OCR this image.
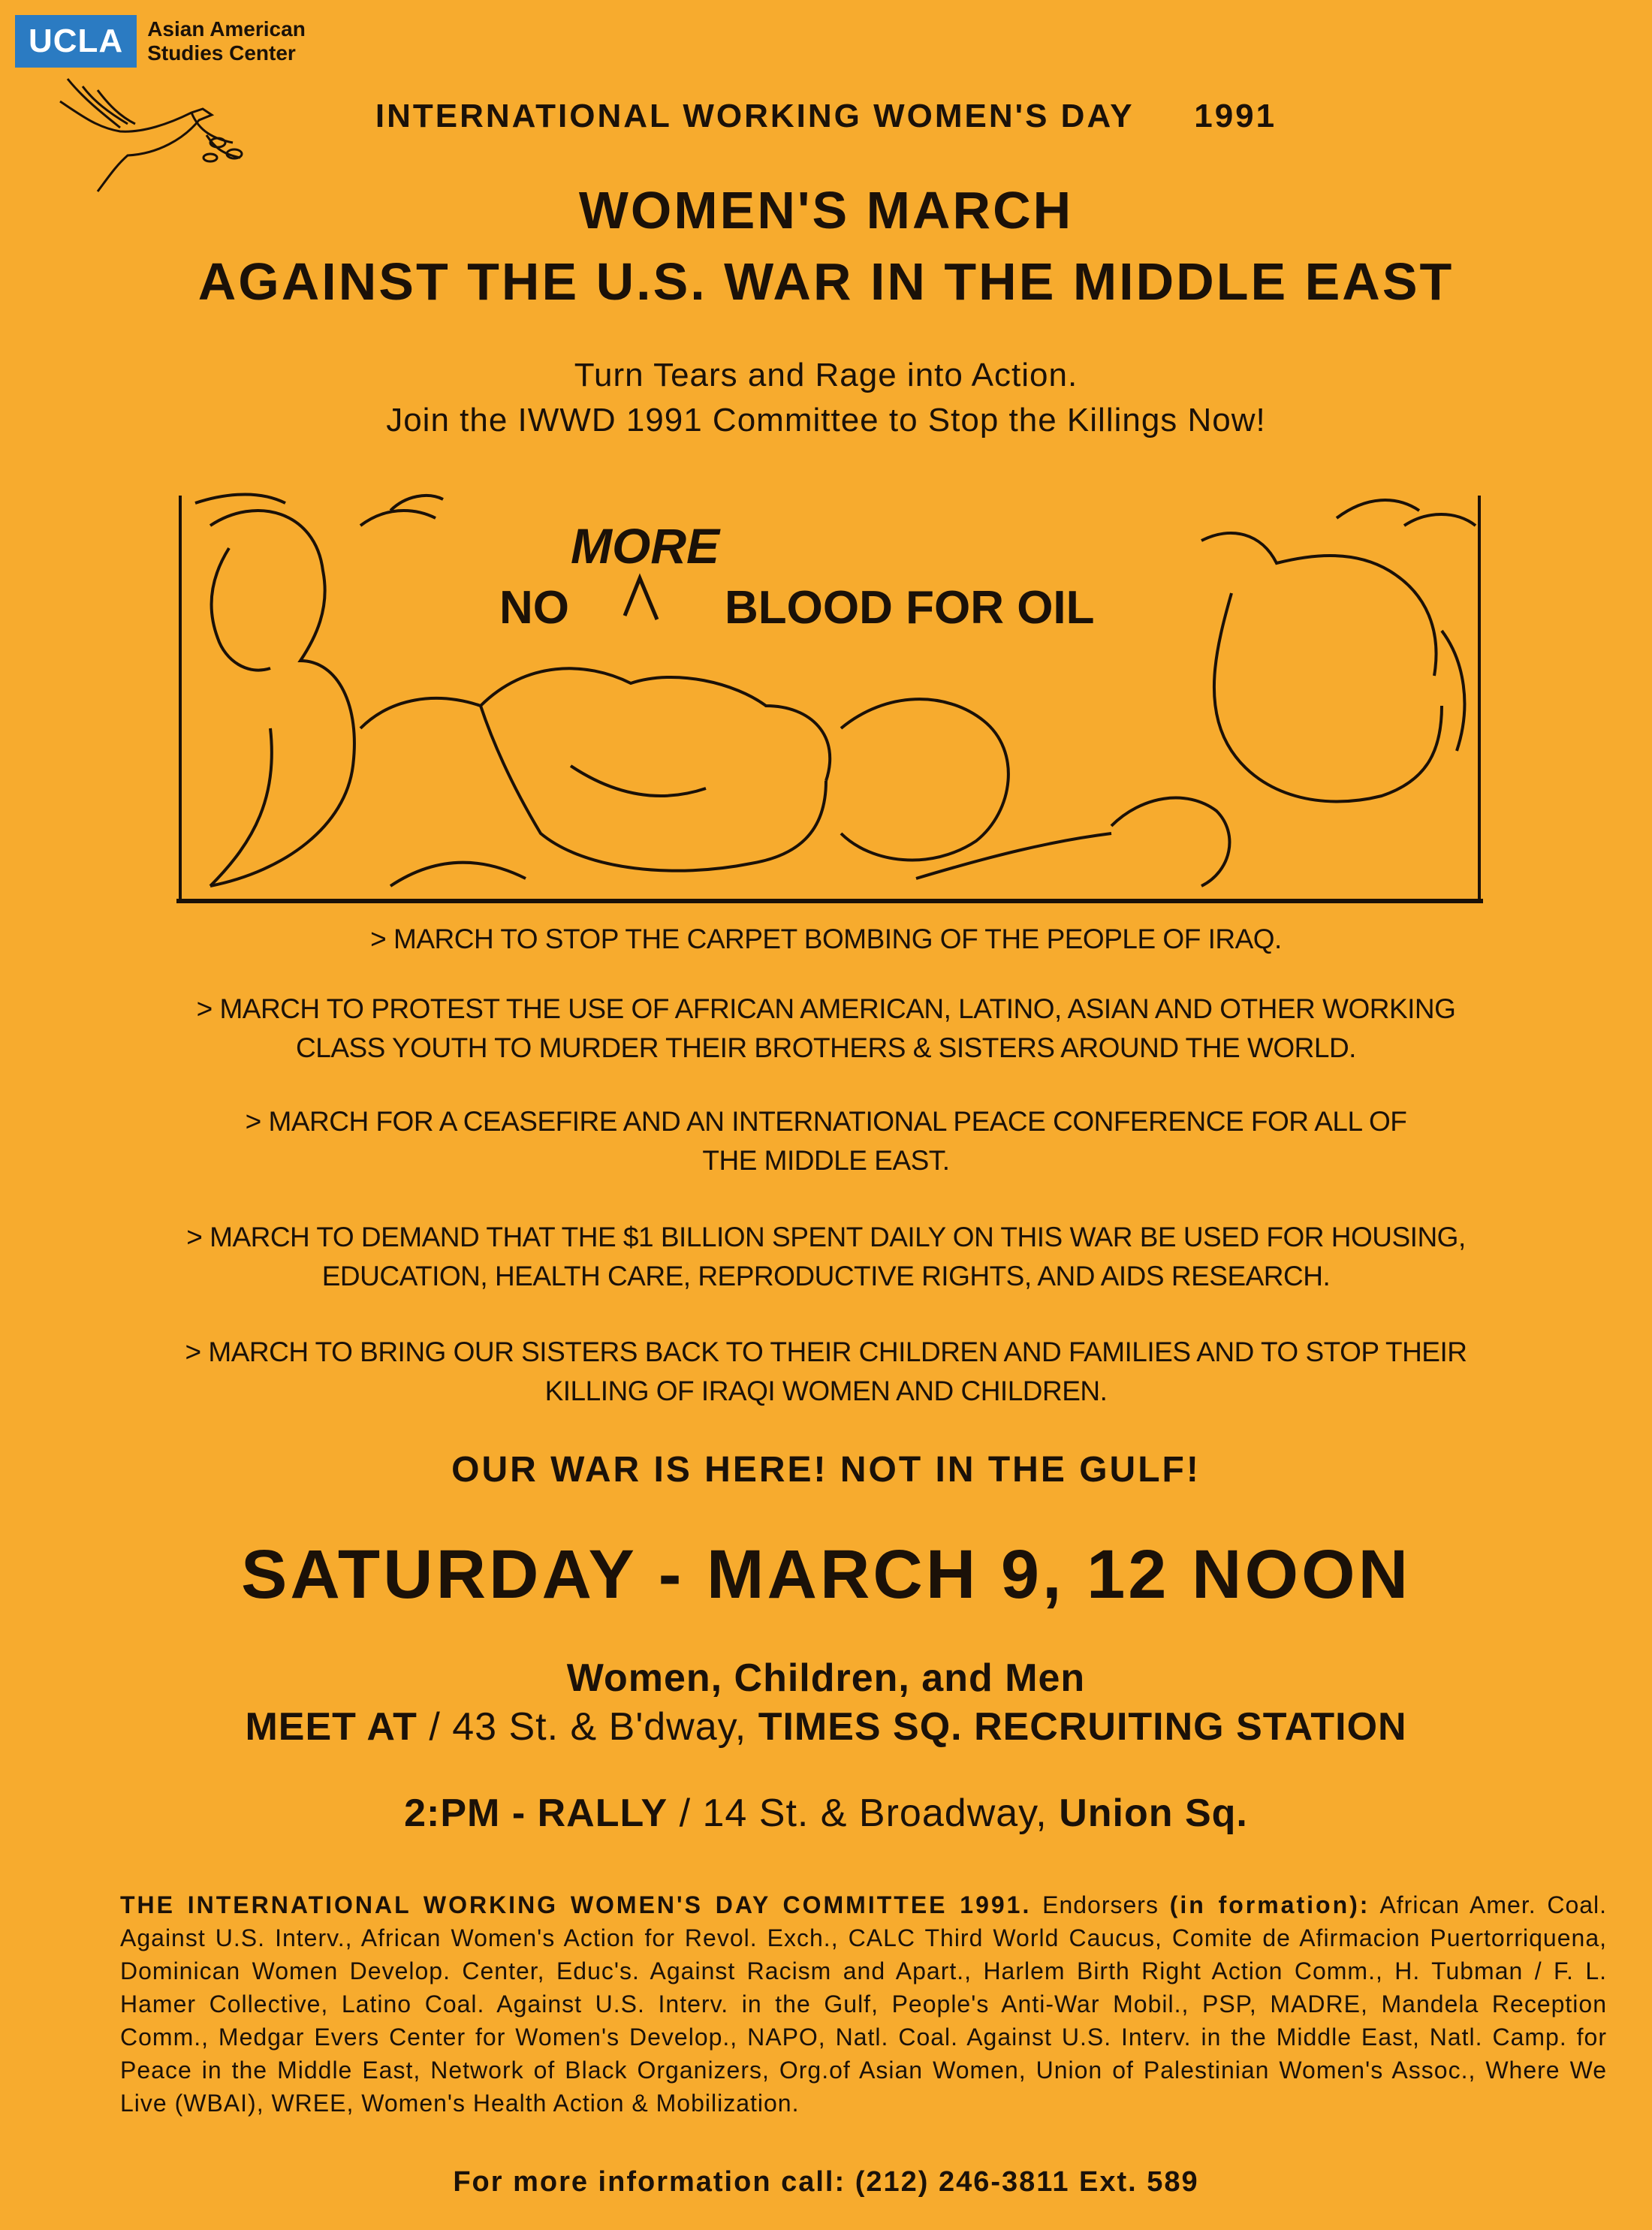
UCLA	Asian American
Studies Center
INTERNATIONAL WORKING WOMEN'S DAY 1991
WOMEN'S MARCH
AGAINST THE U.S. WAR IN THE MIDDLE EAST
Turn Tears and Rage into Action.
Join the IWWD 1991 Committee to Stop the Killings Now!
MORE
NO	BLOOD FOR OIL
> MARCH TO STOP THE CARPET BOMBING OF THE PEOPLE OF IRAQ.
> MARCH TO PROTEST THE USE OF AFRICAN AMERICAN, LATINO, ASIAN AND OTHER WORKING
CLASS YOUTH TO MURDER THEIR BROTHERS & SISTERS AROUND THE WORLD.
> MARCH FOR A CEASEFIRE AND AN INTERNATIONAL PEACE CONFERENCE FOR ALL OF
THE MIDDLE EAST.
> MARCH TO DEMAND THAT THE $1 BILLION SPENT DAILY ON THIS WAR BE USED FOR HOUSING,
EDUCATION, HEALTH CARE, REPRODUCTIVE RIGHTS, AND AIDS RESEARCH.
> MARCH TO BRING OUR SISTERS BACK TO THEIR CHILDREN AND FAMILIES AND TO STOP THEIR
KILLING OF IRAQI WOMEN AND CHILDREN.
OUR WAR IS HERE! NOT IN THE GULF!
SATURDAY - MARCH 9, 12 NOON
Women, Children, and Men
MEET AT / 43 St. & B'dway, TIMES SQ. RECRUITING STATION
2:PM - RALLY / 14 St. & Broadway, Union Sq.
THE INTERNATIONAL WORKING WOMEN'S DAY COMMITTEE 1991. Endorsers (in formation): African Amer. Coal. Against U.S. Interv., African Women's Action for Revol. Exch., CALC Third World Caucus, Comite de Afirmacion Puertorriquena, Dominican Women Develop. Center, Educ's. Against Racism and Apart., Harlem Birth Right Action Comm., H. Tubman / F. L. Hamer Collective, Latino Coal. Against U.S. Interv. in the Gulf, People's Anti-War Mobil., PSP, MADRE, Mandela Reception Comm., Medgar Evers Center for Women's Develop., NAPO, Natl. Coal. Against U.S. Interv. in the Middle East, Natl. Camp. for Peace in the Middle East, Network of Black Organizers, Org.of Asian Women, Union of Palestinian Women's Assoc., Where We Live (WBAI), WREE, Women's Health Action & Mobilization.
For more information call: (212) 246-3811 Ext. 589
